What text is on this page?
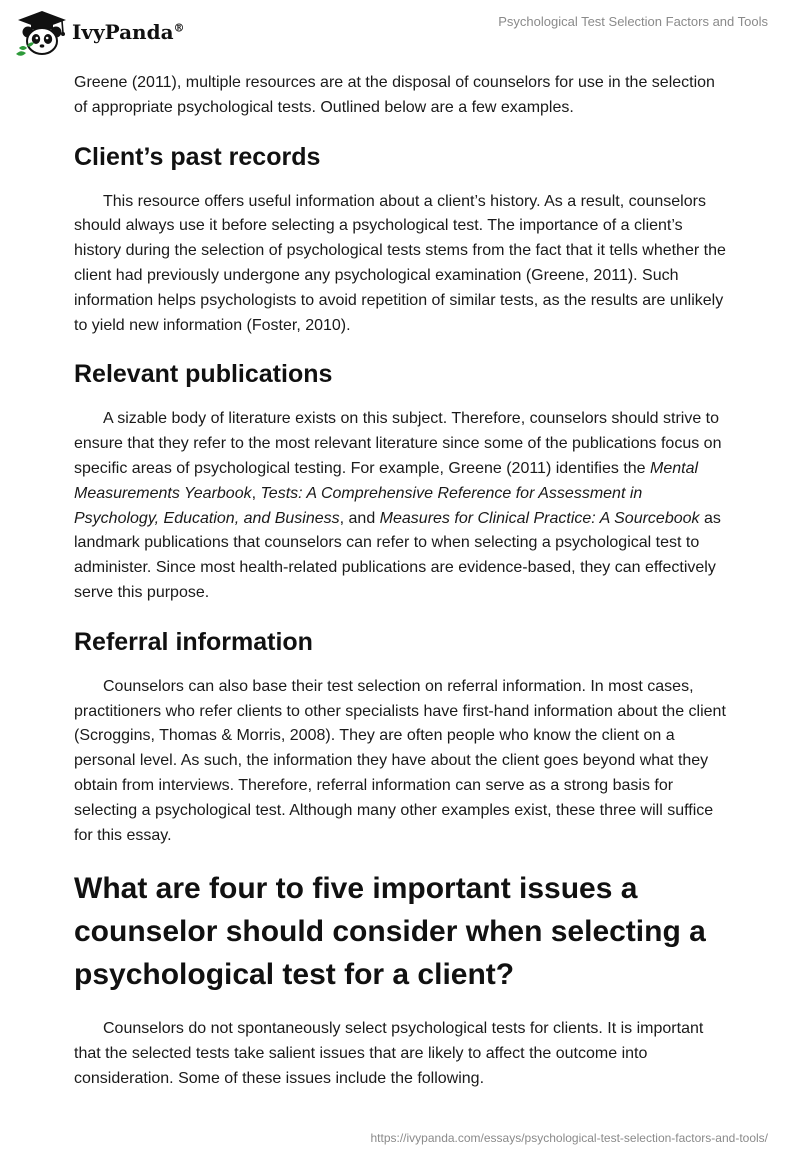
IvyPanda®	Psychological Test Selection Factors and Tools

Greene (2011), multiple resources are at the disposal of counselors for use in the selection of appropriate psychological tests. Outlined below are a few examples.

Client’s past records

This resource offers useful information about a client’s history. As a result, counselors should always use it before selecting a psychological test. The importance of a client’s history during the selection of psychological tests stems from the fact that it tells whether the client had previously undergone any psychological examination (Greene, 2011). Such information helps psychologists to avoid repetition of similar tests, as the results are unlikely to yield new information (Foster, 2010).

Relevant publications

A sizable body of literature exists on this subject. Therefore, counselors should strive to ensure that they refer to the most relevant literature since some of the publications focus on specific areas of psychological testing. For example, Greene (2011) identifies the Mental Measurements Yearbook, Tests: A Comprehensive Reference for Assessment in Psychology, Education, and Business, and Measures for Clinical Practice: A Sourcebook as landmark publications that counselors can refer to when selecting a psychological test to administer. Since most health-related publications are evidence-based, they can effectively serve this purpose.

Referral information

Counselors can also base their test selection on referral information. In most cases, practitioners who refer clients to other specialists have first-hand information about the client (Scroggins, Thomas & Morris, 2008). They are often people who know the client on a personal level. As such, the information they have about the client goes beyond what they obtain from interviews. Therefore, referral information can serve as a strong basis for selecting a psychological test. Although many other examples exist, these three will suffice for this essay.

What are four to five important issues a counselor should consider when selecting a psychological test for a client?

Counselors do not spontaneously select psychological tests for clients. It is important that the selected tests take salient issues that are likely to affect the outcome into consideration. Some of these issues include the following.

https://ivypanda.com/essays/psychological-test-selection-factors-and-tools/
